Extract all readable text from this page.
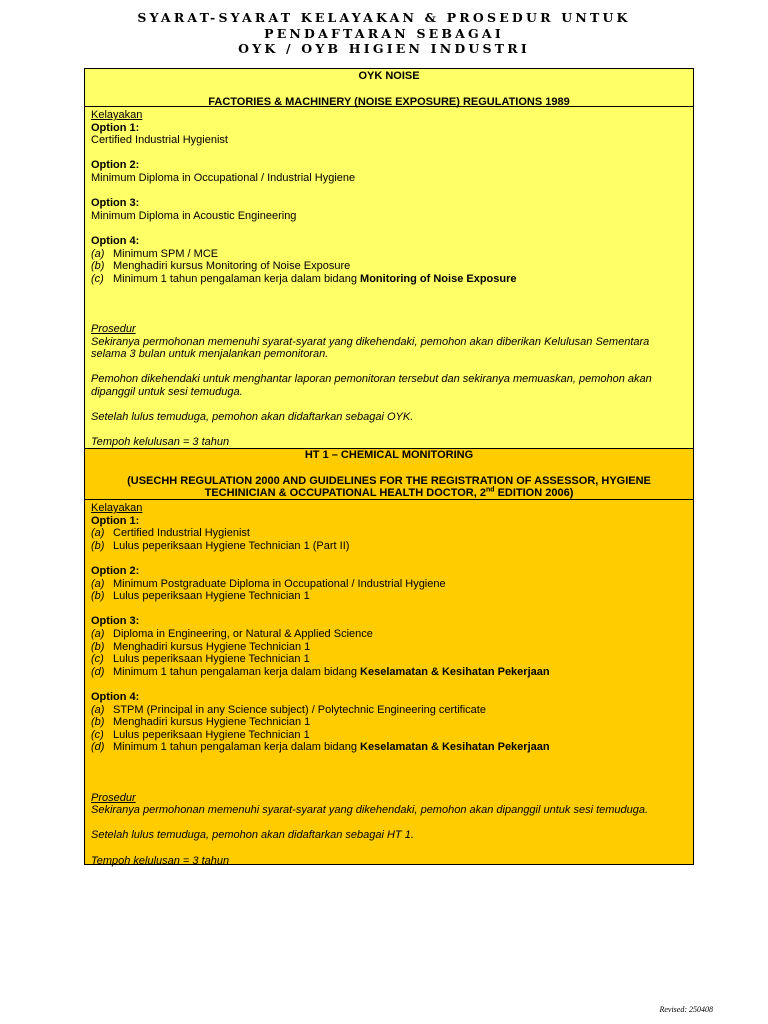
SYARAT-SYARAT KELAYAKAN & PROSEDUR UNTUK
PENDAFTARAN SEBAGAI
OYK / OYB HIGIEN INDUSTRI
OYK NOISE
FACTORIES & MACHINERY (NOISE EXPOSURE) REGULATIONS 1989
Kelayakan
Option 1:
Certified Industrial Hygienist
Option 2:
Minimum Diploma in Occupational / Industrial Hygiene
Option 3:
Minimum Diploma in Acoustic Engineering
Option 4:
(a) Minimum SPM / MCE
(b) Menghadiri kursus Monitoring of Noise Exposure
(c) Minimum 1 tahun pengalaman kerja dalam bidang Monitoring of Noise Exposure
Prosedur
Sekiranya permohonan memenuhi syarat-syarat yang dikehendaki, pemohon akan diberikan Kelulusan Sementara selama 3 bulan untuk menjalankan pemonitoran.
Pemohon dikehendaki untuk menghantar laporan pemonitoran tersebut dan sekiranya memuaskan, pemohon akan dipanggil untuk sesi temuduga.
Setelah lulus temuduga, pemohon akan didaftarkan sebagai OYK.
Tempoh kelulusan = 3 tahun
HT 1 – CHEMICAL MONITORING
(USECHH REGULATION 2000 AND GUIDELINES FOR THE REGISTRATION OF ASSESSOR, HYGIENE
TECHINICIAN & OCCUPATIONAL HEALTH DOCTOR, 2nd EDITION 2006)
Kelayakan
Option 1:
(a) Certified Industrial Hygienist
(b) Lulus peperiksaan Hygiene Technician 1 (Part II)
Option 2:
(a) Minimum Postgraduate Diploma in Occupational / Industrial Hygiene
(b) Lulus peperiksaan Hygiene Technician 1
Option 3:
(a) Diploma in Engineering, or Natural & Applied Science
(b) Menghadiri kursus Hygiene Technician 1
(c) Lulus peperiksaan Hygiene Technician 1
(d) Minimum 1 tahun pengalaman kerja dalam bidang Keselamatan & Kesihatan Pekerjaan
Option 4:
(a) STPM (Principal in any Science subject) / Polytechnic Engineering certificate
(b) Menghadiri kursus Hygiene Technician 1
(c) Lulus peperiksaan Hygiene Technician 1
(d) Minimum 1 tahun pengalaman kerja dalam bidang Keselamatan & Kesihatan Pekerjaan
Prosedur
Sekiranya permohonan memenuhi syarat-syarat yang dikehendaki, pemohon akan dipanggil untuk sesi temuduga.
Setelah lulus temuduga, pemohon akan didaftarkan sebagai HT 1.
Tempoh kelulusan = 3 tahun
Revised: 250408
